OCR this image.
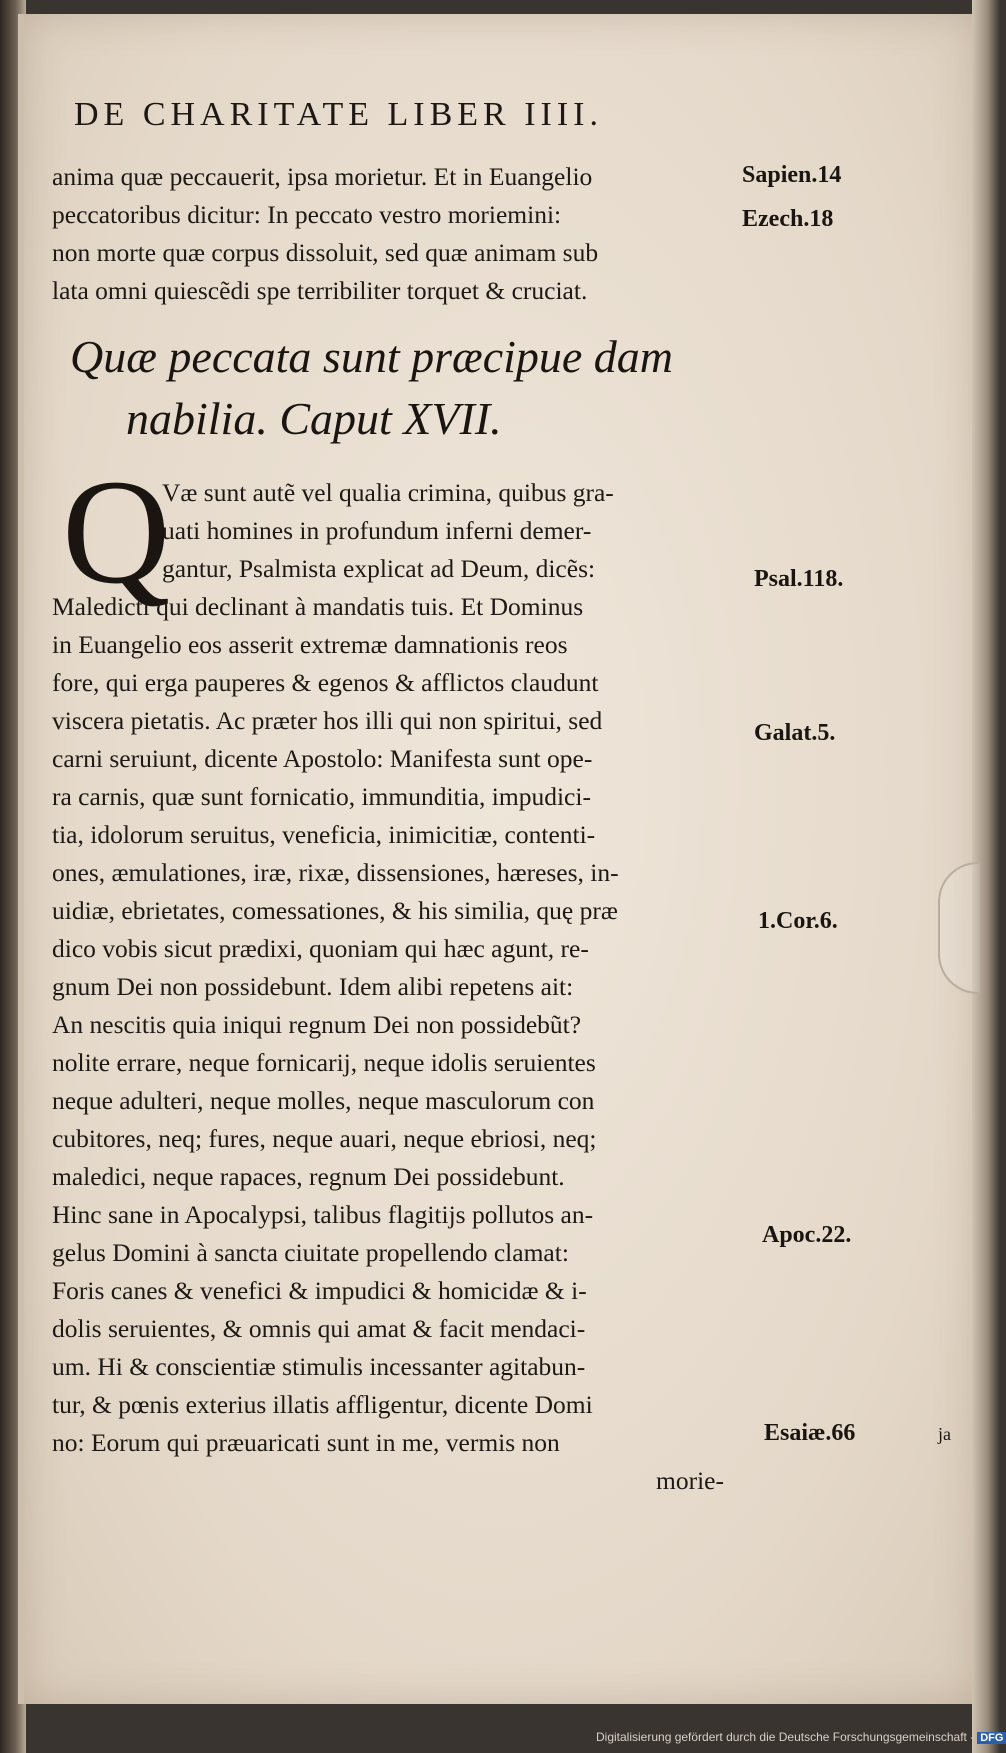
DE CHARITATE LIBER IIII.
anima quæ peccauerit, ipsa morietur. Et in Euangelio
peccatoribus dicitur: In peccato vestro moriemini:
non morte quæ corpus dissoluit, sed quæ animam sub
lata omni quiescẽdi spe terribiliter torquet & cruciat.
Quæ peccata sunt præcipue dam
nabilia. Caput XVII.
Q
Væ sunt autẽ vel qualia crimina, quibus gra-
uati homines in profundum inferni demer-
gantur, Psalmista explicat ad Deum, dicẽs:
Maledicti qui declinant à mandatis tuis. Et Dominus
in Euangelio eos asserit extremæ damnationis reos
fore, qui erga pauperes & egenos & afflictos claudunt
viscera pietatis. Ac præter hos illi qui non spiritui, sed
carni seruiunt, dicente Apostolo: Manifesta sunt ope-
ra carnis, quæ sunt fornicatio, immunditia, impudici-
tia, idolorum seruitus, veneficia, inimicitiæ, contenti-
ones, æmulationes, iræ, rixæ, dissensiones, hæreses, in-
uidiæ, ebrietates, comessationes, & his similia, quę præ
dico vobis sicut prædixi, quoniam qui hæc agunt, re-
gnum Dei non possidebunt. Idem alibi repetens ait:
An nescitis quia iniqui regnum Dei non possidebũt?
nolite errare, neque fornicarij, neque idolis seruientes
neque adulteri, neque molles, neque masculorum con
cubitores, neq; fures, neque auari, neque ebriosi, neq;
maledici, neque rapaces, regnum Dei possidebunt.
Hinc sane in Apocalypsi, talibus flagitijs pollutos an-
gelus Domini à sancta ciuitate propellendo clamat:
Foris canes & venefici & impudici & homicidæ & i-
dolis seruientes, & omnis qui amat & facit mendaci-
um. Hi & conscientiæ stimulis incessanter agitabun-
tur, & pœnis exterius illatis affligentur, dicente Domi
no: Eorum qui præuaricati sunt in me, vermis non
morie-
Sapien.14
Ezech.18
Psal.118.
Galat.5.
1.Cor.6.
Apoc.22.
Esaiæ.66	ja
Digitalisierung gefördert durch die Deutsche Forschungsgemeinschaft - DFG
